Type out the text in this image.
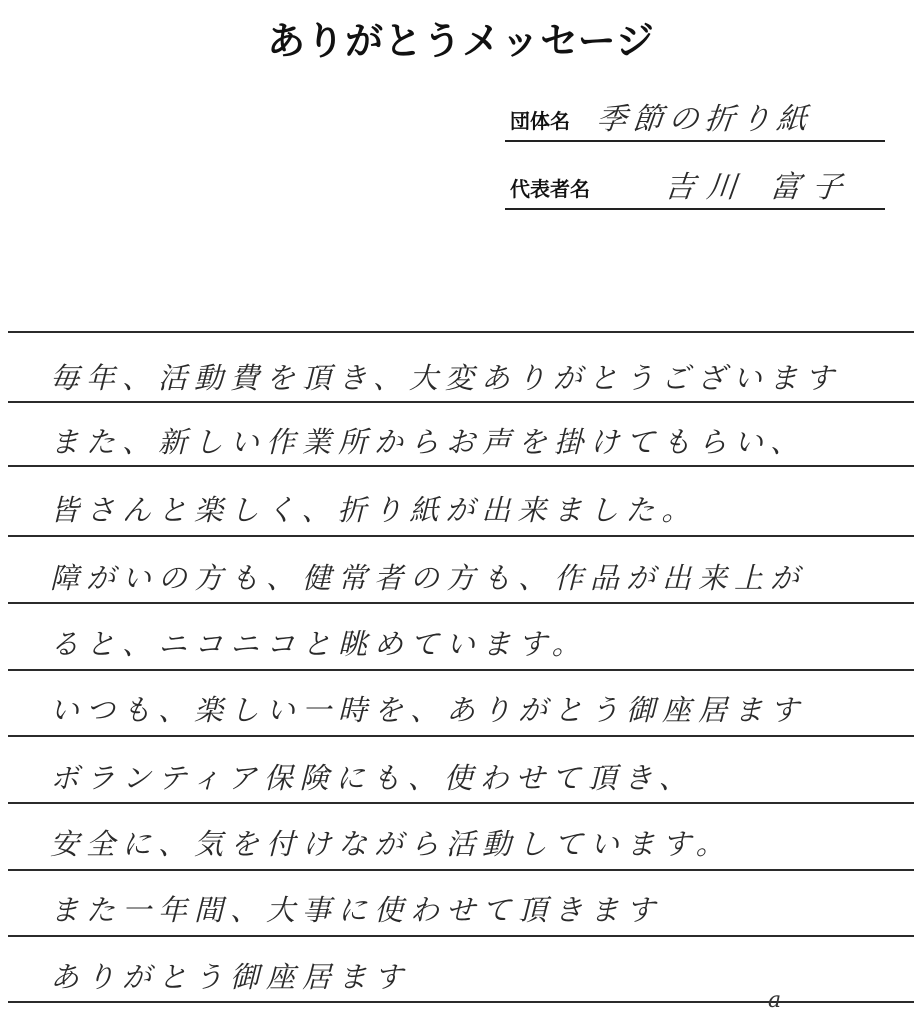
ありがとうメッセージ
団体名 季節の折り紙
代表者名 吉川 富子
毎年、活動費を頂き、大変ありがとうございます
また、新しい作業所からお声を掛けてもらい、
皆さんと楽しく、折り紙が出来ました。
障がいの方も、健常者の方も、作品が出来上が
ると、ニコニコと眺めています。
いつも、楽しい一時を、ありがとう御座居ます
ボランティア保険にも、使わせて頂き、
安全に、気を付けながら活動しています。
また一年間、大事に使わせて頂きます
ありがとう御座居ます
a
